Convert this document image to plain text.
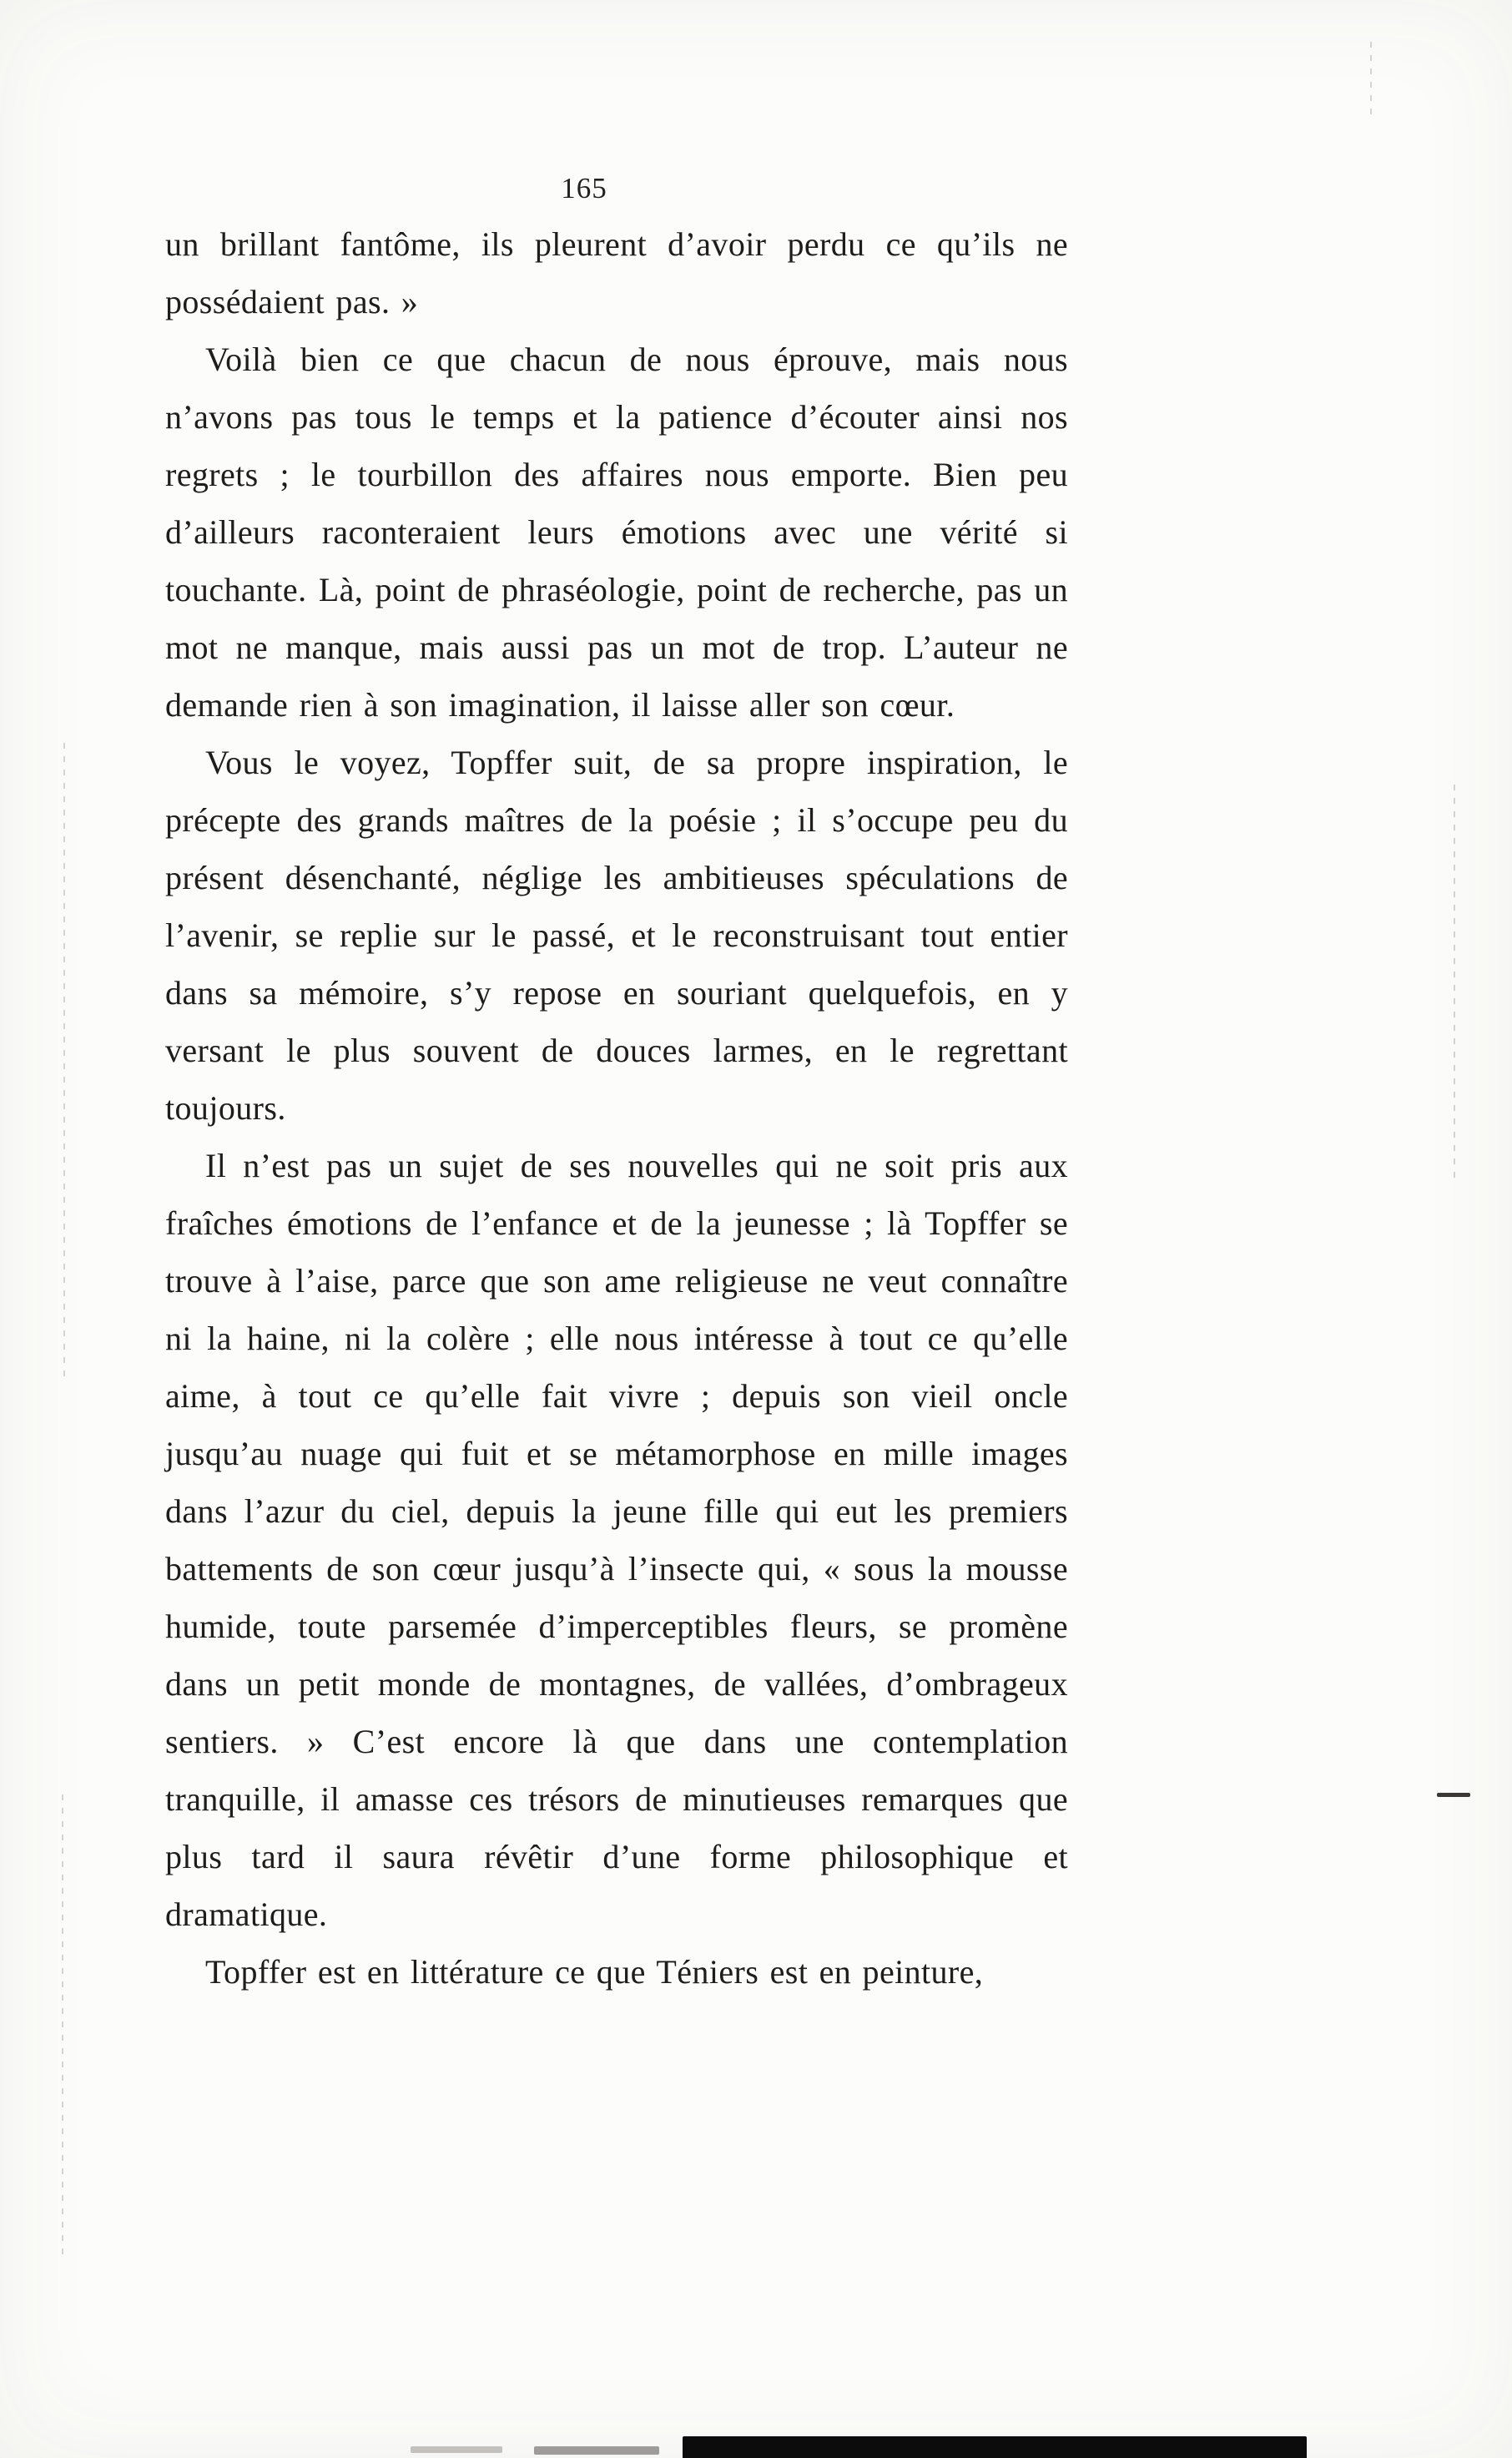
165

un brillant fantôme, ils pleurent d’avoir perdu ce qu’ils ne possédaient pas. »

Voilà bien ce que chacun de nous éprouve, mais nous n’avons pas tous le temps et la patience d’écouter ainsi nos regrets ; le tourbillon des affaires nous emporte. Bien peu d’ailleurs raconteraient leurs émotions avec une vérité si touchante. Là, point de phraséologie, point de recherche, pas un mot ne manque, mais aussi pas un mot de trop. L’auteur ne demande rien à son imagination, il laisse aller son cœur.

Vous le voyez, Topffer suit, de sa propre inspiration, le précepte des grands maîtres de la poésie ; il s’occupe peu du présent désenchanté, néglige les ambitieuses spéculations de l’avenir, se replie sur le passé, et le reconstruisant tout entier dans sa mémoire, s’y repose en souriant quelquefois, en y versant le plus souvent de douces larmes, en le regrettant toujours.

Il n’est pas un sujet de ses nouvelles qui ne soit pris aux fraîches émotions de l’enfance et de la jeunesse ; là Topffer se trouve à l’aise, parce que son ame religieuse ne veut connaître ni la haine, ni la colère ; elle nous intéresse à tout ce qu’elle aime, à tout ce qu’elle fait vivre ; depuis son vieil oncle jusqu’au nuage qui fuit et se métamorphose en mille images dans l’azur du ciel, depuis la jeune fille qui eut les premiers battements de son cœur jusqu’à l’insecte qui, « sous la mousse humide, toute parsemée d’imperceptibles fleurs, se promène dans un petit monde de montagnes, de vallées, d’ombrageux sentiers. » C’est encore là que dans une contemplation tranquille, il amasse ces trésors de minutieuses remarques que plus tard il saura révêtir d’une forme philosophique et dramatique.

Topffer est en littérature ce que Téniers est en peinture,
